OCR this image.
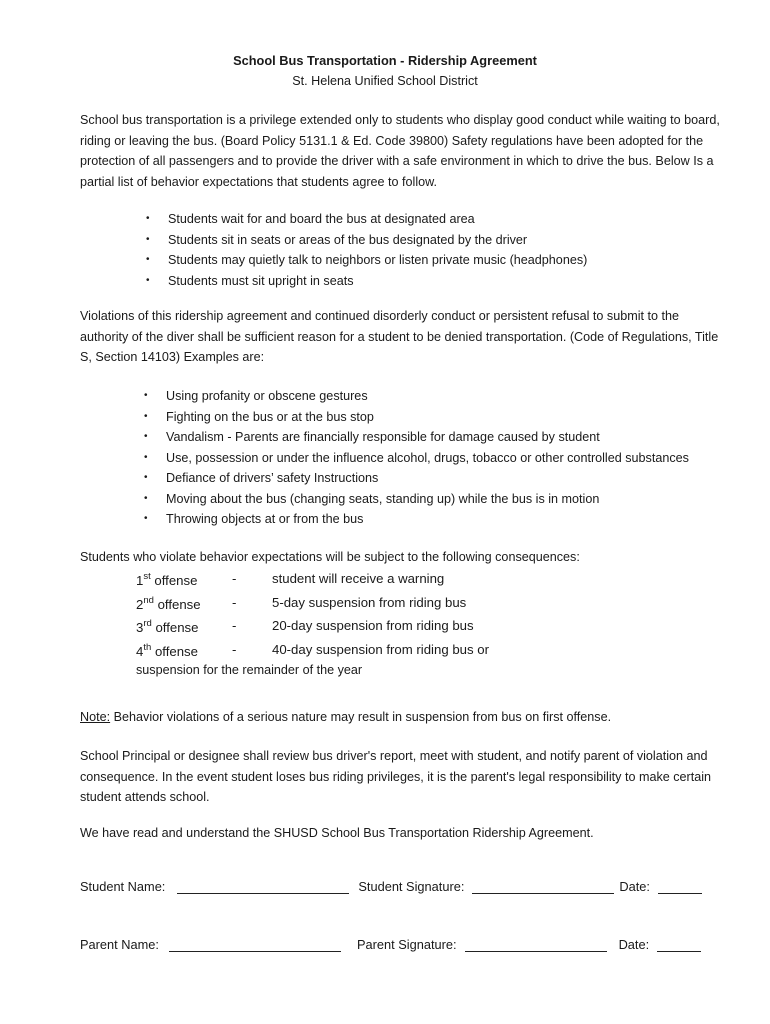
School Bus Transportation - Ridership Agreement
St. Helena Unified School District
School bus transportation is a privilege extended only to students who display good conduct while waiting to board, riding or leaving the bus. (Board Policy 5131.1 & Ed. Code 39800) Safety regulations have been adopted for the protection of all passengers and to provide the driver with a safe environment in which to drive the bus. Below Is a partial list of behavior expectations that students agree to follow.
• Students wait for and board the bus at designated area
• Students sit in seats or areas of the bus designated by the driver
• Students may quietly talk to neighbors or listen private music (headphones)
• Students must sit upright in seats
Violations of this ridership agreement and continued disorderly conduct or persistent refusal to submit to the authority of the diver shall be sufficient reason for a student to be denied transportation. (Code of Regulations, Title S, Section 14103) Examples are:
• Using profanity or obscene gestures
• Fighting on the bus or at the bus stop
• Vandalism - Parents are financially responsible for damage caused by student
• Use, possession or under the influence alcohol, drugs, tobacco or other controlled substances
• Defiance of drivers’ safety Instructions
• Moving about the bus (changing seats, standing up) while the bus is in motion
• Throwing objects at or from the bus
Students who violate behavior expectations will be subject to the following consequences:
1st offense	-	student will receive a warning
2nd offense -	5-day suspension from riding bus
3rd offense	-	20-day suspension from riding bus
4th offense	-	40-day suspension from riding bus or
suspension for the remainder of the year
Note: Behavior violations of a serious nature may result in suspension from bus on first offense.
School Principal or designee shall review bus driver's report, meet with student, and notify parent of violation and consequence. In the event student loses bus riding privileges, it is the parent's legal responsibility to make certain student attends school.
We have read and understand the SHUSD School Bus Transportation Ridership Agreement.
Student Name:	Student Signature:	Date:
Parent Name:	Parent Signature:	Date:
